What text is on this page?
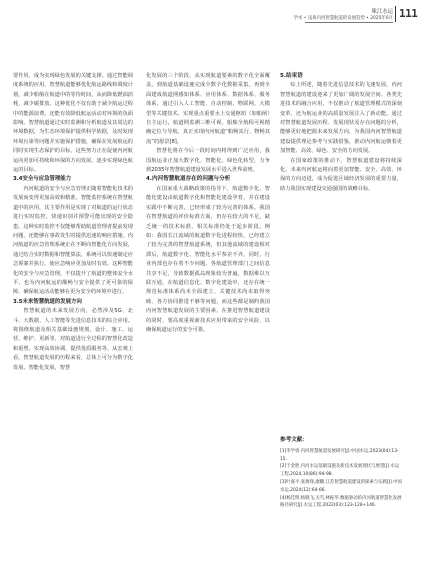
珠江水运
学术 • 浅谈内河智慧航道的发展趋势 • 2025年6月 111

要作用，成为实现绿色发展的关键支撑。通过智能调度系统的应用，智慧航道能够优化航运路线和调度计划，减少船舶在航道中的等待时间，从而降低燃油消耗，减少碳排放。这种优化不仅有助于减少航运过程中的能源浪费，还能有效降低航运活动对环境的负面影响。智慧航道通过实时监测和分析航道及其周边的环境数据，为生态环境保护提供科学依据，及时发现环境污染等问题并实施保护措施，确保在发展航运的同时实现生态保护的目标，这些努力正在促使内河航运向更加可持续和环保的方向发展，逐步实现绿色航运的目标。

3.4安全与应急管理能力

内河航道的安全与应急管理正随着智能化技术的发展而变得更加高效和精准。智能监控系统在智慧航道中的应用，其主要作用是实现了对航道的运行状态进行实时监控，快速识别并预警可能出现的安全隐患。这种实时监控不仅能够帮助航道管理者提前发现问题，还能够在事故发生时提供迅速的响应措施。内河航道的应急管理系统正在不断向智能化方向发展，通过结合实时数据和智能算法，系统可以快速制定应急预案并执行，使应急响应更加及时有效。这种智能化的安全与应急管理，不仅提升了航道的整体安全水平，也为内河航运的顺畅与安全提供了更可靠的保障，确保航运活动能够在更为安全的环境中进行。

3.5未来智慧航道的发展方向

智慧航道的未来发展方向，必然涉及5G、北斗、大数据、人工智能等先进信息技术的综合应用。将围绕航道及相关基础设施规划、设计、施工、运营、维护、更新等，对航道进行全过程的智慧化改造和重塑，实现高效协调、提供优质服务等。从宏观上看，智慧航道发展的历程来看，总体上可分为数字化发展、智能化发展、智慧

化发展的三个阶段。从实现航道要素的数字化全面覆盖，到航道基础设施完成全数字化数据采集，再到全面建成航道网感知体系、应用体系、数据体系、服务体系，通过引入人工智能、自动控制、物联网、大模型等关键技术，实现重点重要水上交通枢纽（如船闸）自主运行，航道网监测三维可视、船舶全航程可视精确定位与导航，真正实现内河航道“船畅其行、物畅其流”的愿景[8]。

智慧化将在今后一段时间内将得到广泛应用，我国航运业正加大数字化、智能化、绿色化转型，力争到2035年智慧航道建设发展水平进入世界前列。

4.内河智慧航道存在的问题与分析

在国家重大战略政策的指导下，航道数字化、智能化建设由航道数字化和智能化建设孕育，并在建设实践中不断完善，已经形成了较为完善的体系。我国在智慧航道的评价标准方面，仍存在较大的不足，缺乏统一的技术标准，相关标准仍处于起步阶段。例如：我国长江流域的航道数字化进程较快，已经建立了较为完善的智慧航道系统，但其他流域的建设相对滞后，航道数字化、智能化水平参差不齐。同时，行业内部也存在着不少问题，各航道管理部门之间信息共享不足，导致数据孤岛现象较为普遍，数据难以互联互通，在航道信息化、数字化建设中，还存在统一规范标准体系尚未全面建立、关键技术尚未取得突破、各方协同推进不够等问题，而这些都是制约我国内河智慧航道发展的主要因素。在推进智慧航道建设的同时，要高度重视新技术应用带来的安全风险，以确保航道运行的安全可靠。

5.结束语

综上所述，随着先进信息技术的飞速发展，内河智慧航道的建设迎来了更加广阔的发展空间。各类先进技术的融合应用，不仅推动了航道管理模式的深刻变革，还为航运业的高质量发展注入了新动能。通过对智慧航道发展历程、发展现状及存在问题的分析，能够更好地把握未来发展方向，为我国内河智慧航道建设提供理论参考与实践借鉴，推动内河航运朝着更加智能、高效、绿色、安全的方向发展。

在国家政策的推动下，智慧航道建设将持续深化，未来内河航运将向着更加智能、安全、高效、环保的方向迈进，成为促进区域经济发展的重要力量，助力我国实现建设交通强国的战略目标。

参考文献：

[1]李学勇.内河智慧航道发展研究[J].中国水运,2023(04):13-15.

[2]于金胜.内河水运基础设施及新技术发展现状与展望[J].水运工程,2024,10(86):94-98.

[3]叶嘉平,张俊锋,廖鹏.江苏智慧航道建设的探索与实践[J].中国水运,2024(12):64-66.

[4]杨佳明,杨晓飞,关雪,林振华.数据驱动的内河航道智慧化发展路径研究[J].水运工程,2022(03):123-128+146.
